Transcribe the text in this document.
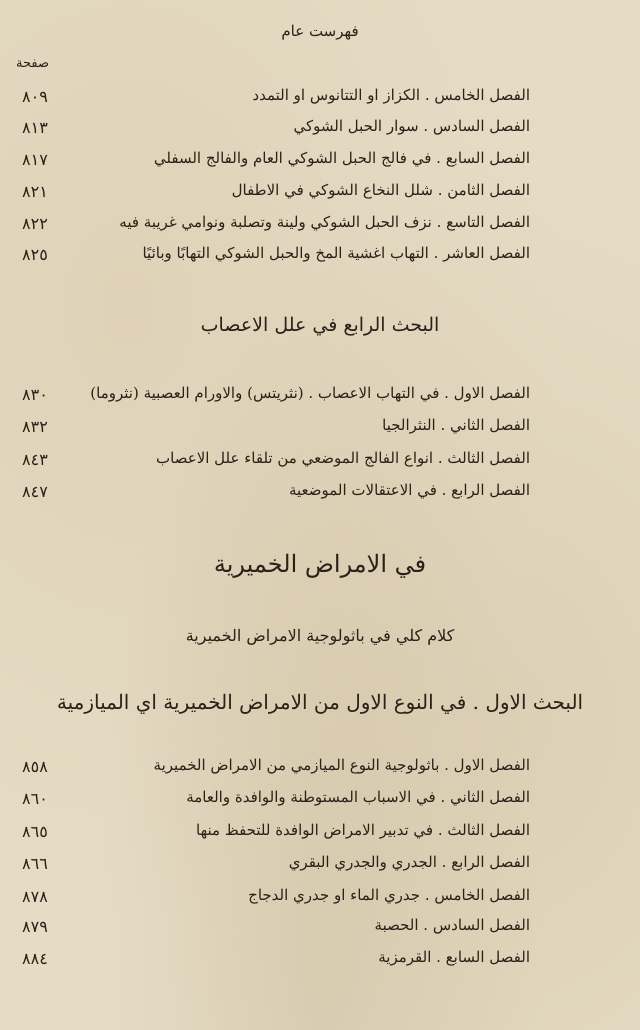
فهرست عام
صفحة
الفصل الخامس . الكزاز او التتانوس او التمدد
٨٠٩
الفصل السادس . سوار الحبل الشوكي
٨١٣
الفصل السابع . في فالج الحبل الشوكي العام والفالج السفلي
٨١٧
الفصل الثامن . شلل النخاع الشوكي في الاطفال
٨٢١
الفصل التاسع . نزف الحبل الشوكي ولينة وتصلبة ونوامي غريبة فيه
٨٢٢
الفصل العاشر . التهاب اغشية المخ والحبل الشوكي التهابًا وبائيًا
٨٢٥
البحث الرابع في علل الاعصاب
الفصل الاول . في التهاب الاعصاب . (نثريتس) والاورام العصبية (نثروما)
٨٣٠
الفصل الثاني . النثرالجيا
٨٣٢
الفصل الثالث . انواع الفالج الموضعي من تلقاء علل الاعصاب
٨٤٣
الفصل الرابع . في الاعتقالات الموضعية
٨٤٧
في الامراض الخميرية
كلام كلي في باثولوجية الامراض الخميرية
البحث الاول . في النوع الاول من الامراض الخميرية اي الميازمية
الفصل الاول . باثولوجية النوع الميازمي من الامراض الخميرية
٨٥٨
الفصل الثاني . في الاسباب المستوطنة والوافدة والعامة
٨٦٠
الفصل الثالث . في تدبير الامراض الوافدة للتحفظ منها
٨٦٥
الفصل الرابع . الجدري والجدري البقري
٨٦٦
الفصل الخامس . جدري الماء او جدري الدجاج
٨٧٨
الفصل السادس . الحصبة
٨٧٩
الفصل السابع . القرمزية
٨٨٤
